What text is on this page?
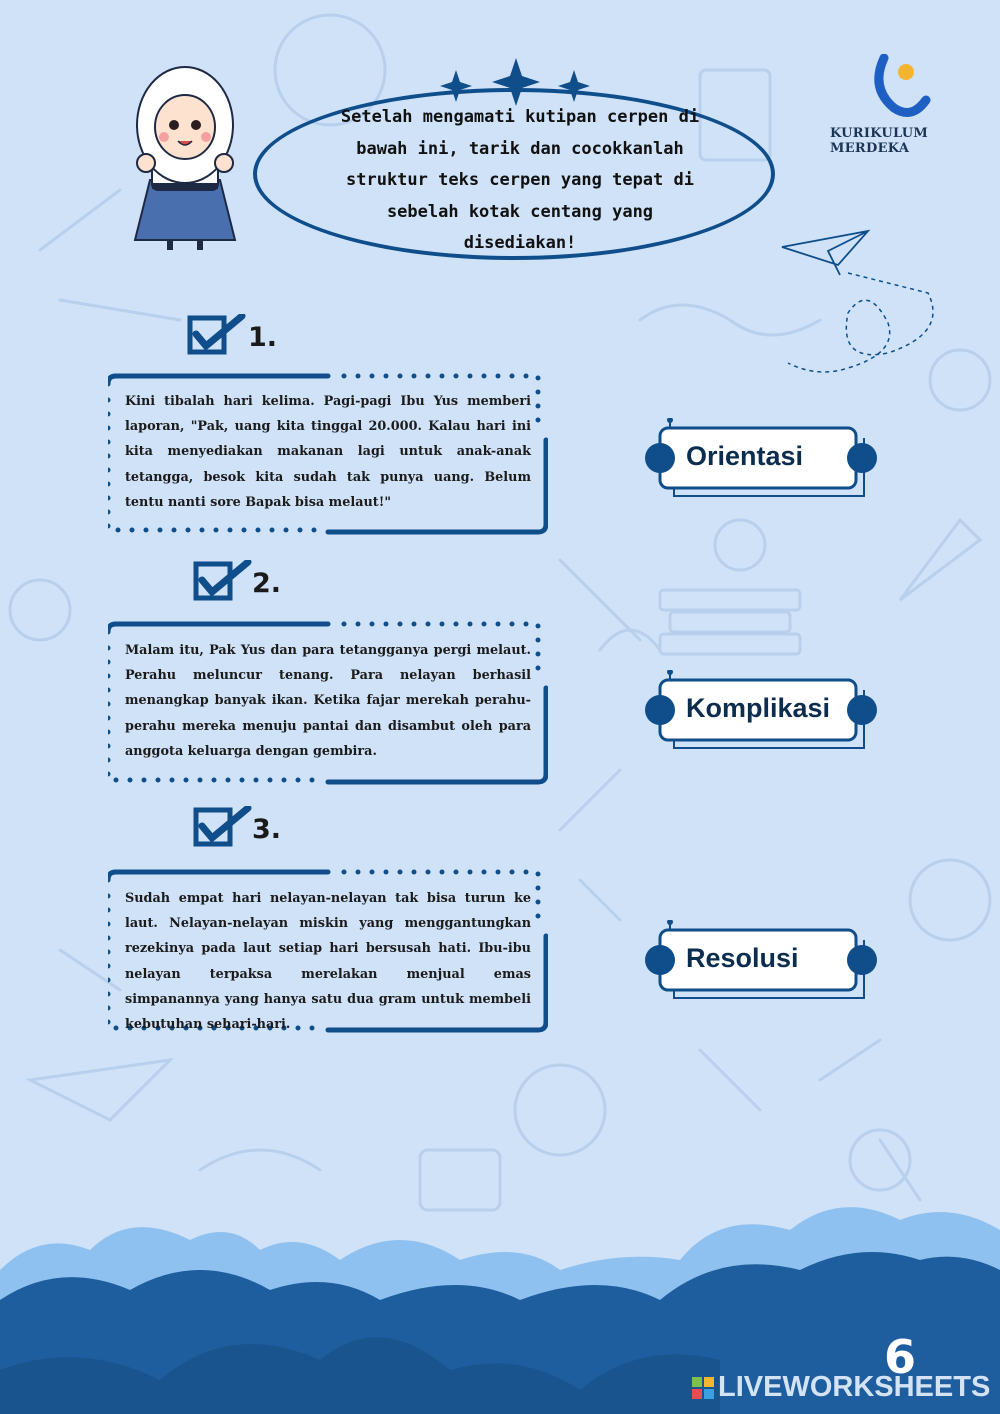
Setelah mengamati kutipan cerpen di bawah ini, tarik dan cocokkanlah struktur teks cerpen yang tepat di sebelah kotak centang yang disediakan!
KURIKULUM MERDEKA
1.
Kini tibalah hari kelima. Pagi-pagi Ibu Yus memberi laporan, "Pak, uang kita tinggal 20.000. Kalau hari ini kita menyediakan makanan lagi untuk anak-anak tetangga, besok kita sudah tak punya uang. Belum tentu nanti sore Bapak bisa melaut!"
2.
Malam itu, Pak Yus dan para tetangganya pergi melaut. Perahu meluncur tenang. Para nelayan berhasil menangkap banyak ikan. Ketika fajar merekah perahu-perahu mereka menuju pantai dan disambut oleh para anggota keluarga dengan gembira.
3.
Sudah empat hari nelayan-nelayan tak bisa turun ke laut. Nelayan-nelayan miskin yang menggantungkan rezekinya pada laut setiap hari bersusah hati. Ibu-ibu nelayan terpaksa merelakan menjual emas simpanannya yang hanya satu dua gram untuk membeli kebutuhan sehari-hari.
Orientasi
Komplikasi
Resolusi
6
LIVEWORKSHEETS
